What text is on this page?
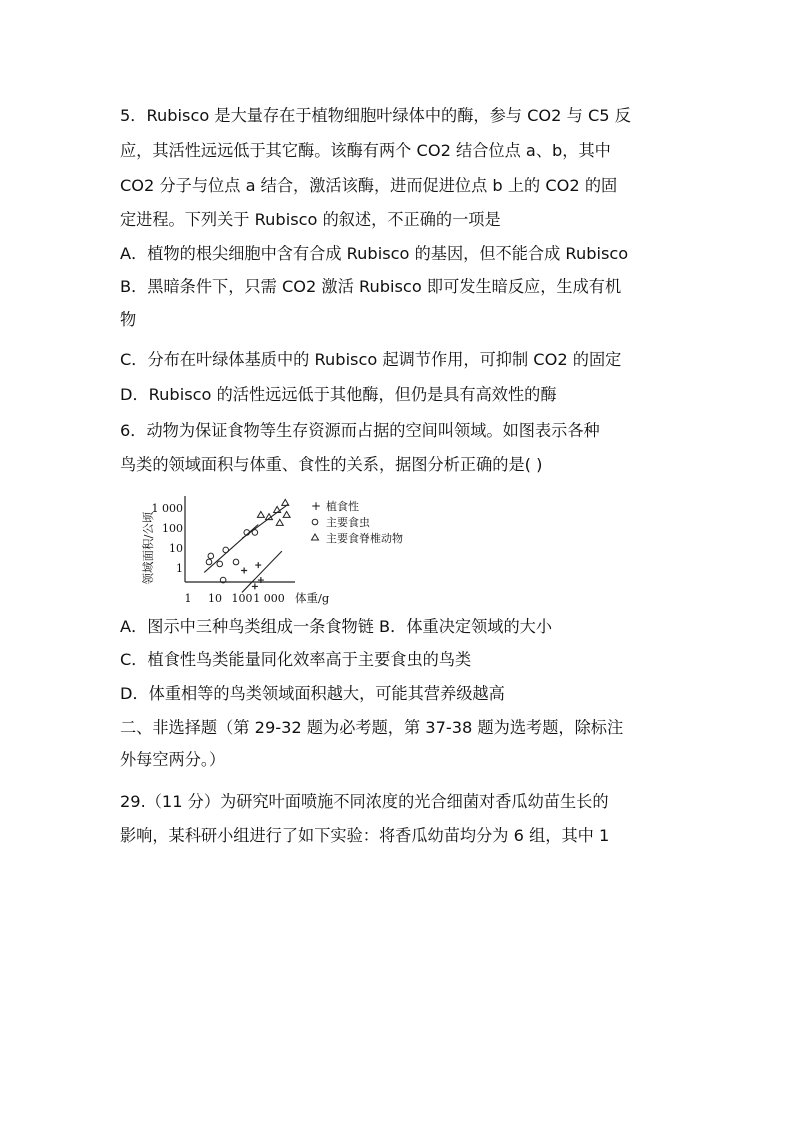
5．Rubisco 是大量存在于植物细胞叶绿体中的酶，参与 CO2 与 C5 反
应，其活性远远低于其它酶。该酶有两个 CO2 结合位点 a、b，其中
CO2 分子与位点 a 结合，激活该酶，进而促进位点 b 上的 CO2 的固
定进程。下列关于 Rubisco 的叙述，不正确的一项是
A．植物的根尖细胞中含有合成 Rubisco 的基因，但不能合成 Rubisco
B．黑暗条件下，只需 CO2 激活 Rubisco 即可发生暗反应，生成有机
物
C．分布在叶绿体基质中的 Rubisco 起调节作用，可抑制 CO2 的固定
D．Rubisco 的活性远远低于其他酶，但仍是具有高效性的酶
6．动物为保证食物等生存资源而占据的空间叫领域。如图表示各种
鸟类的领域面积与体重、食性的关系，据图分析正确的是( )
领域面积/公顷
1 000
100
10
1
1 10 100 1 000 体重/g
+ 植食性
主要食虫
主要食脊椎动物
A．图示中三种鸟类组成一条食物链 B．体重决定领域的大小
C．植食性鸟类能量同化效率高于主要食虫的鸟类
D．体重相等的鸟类领域面积越大，可能其营养级越高
二、非选择题（第 29-32 题为必考题，第 37-38 题为选考题，除标注
外每空两分。）
29.（11 分）为研究叶面喷施不同浓度的光合细菌对香瓜幼苗生长的
影响，某科研小组进行了如下实验：将香瓜幼苗均分为 6 组，其中 1
